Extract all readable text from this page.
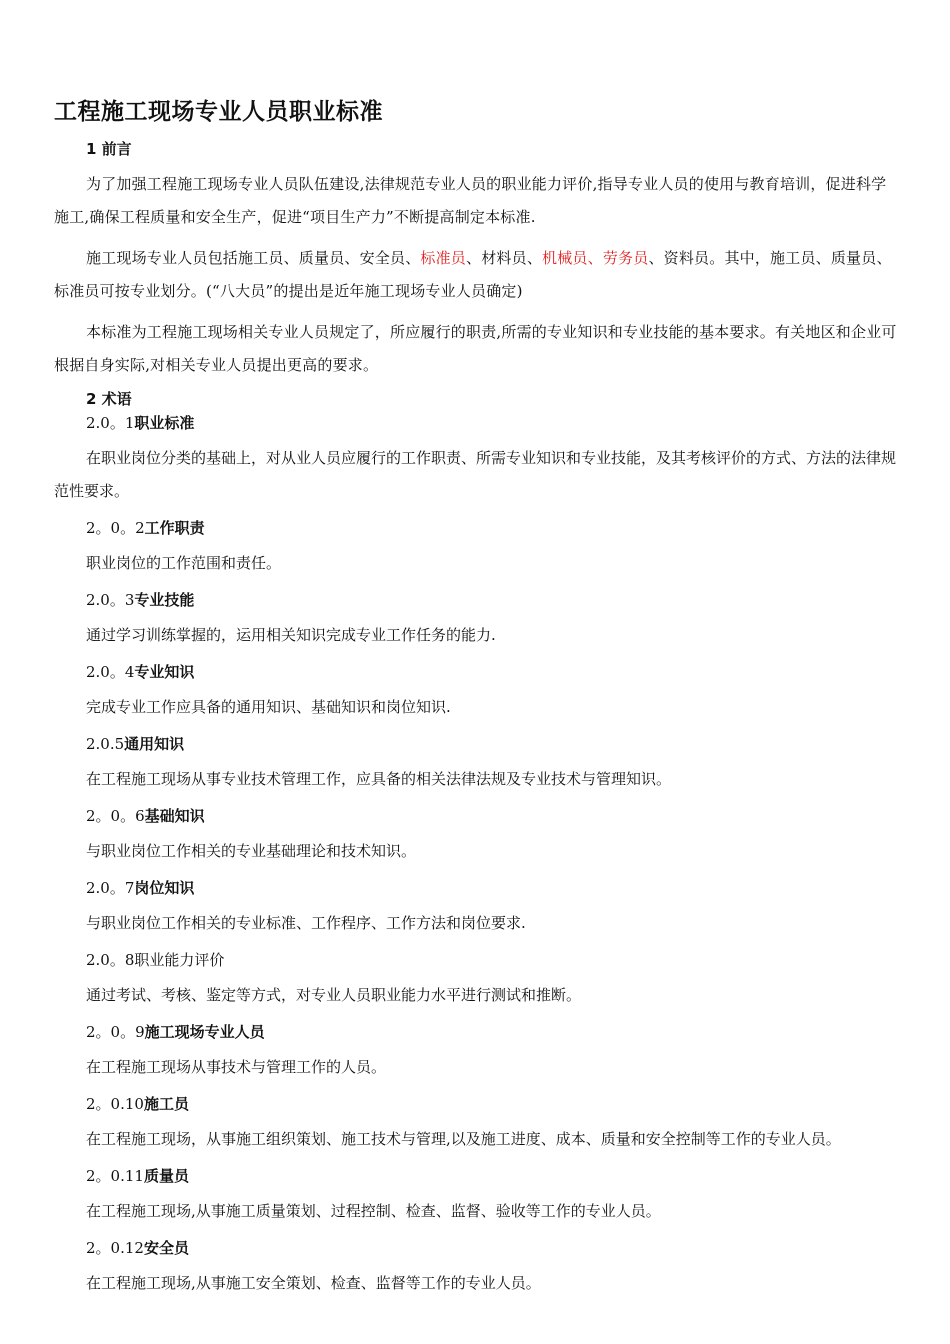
工程施工现场专业人员职业标准
1 前言

为了加强工程施工现场专业人员队伍建设,法律规范专业人员的职业能力评价,指导专业人员的使用与教育培训，促进科学施工,确保工程质量和安全生产，促进“项目生产力”不断提高制定本标准.

施工现场专业人员包括施工员、质量员、安全员、标准员、材料员、机械员、劳务员、资料员。其中，施工员、质量员、标准员可按专业划分。(“八大员”的提出是近年施工现场专业人员确定)

本标准为工程施工现场相关专业人员规定了，所应履行的职责,所需的专业知识和专业技能的基本要求。有关地区和企业可根据自身实际,对相关专业人员提出更高的要求。

2 术语
2.0。1职业标准

在职业岗位分类的基础上，对从业人员应履行的工作职责、所需专业知识和专业技能，及其考核评价的方式、方法的法律规范性要求。

2。0。2工作职责

职业岗位的工作范围和责任。

2.0。3专业技能

通过学习训练掌握的，运用相关知识完成专业工作任务的能力.

2.0。4专业知识

完成专业工作应具备的通用知识、基础知识和岗位知识.

2.0.5通用知识

在工程施工现场从事专业技术管理工作，应具备的相关法律法规及专业技术与管理知识。

2。0。6基础知识

与职业岗位工作相关的专业基础理论和技术知识。

2.0。7岗位知识

与职业岗位工作相关的专业标准、工作程序、工作方法和岗位要求.

2.0。8职业能力评价

通过考试、考核、鉴定等方式，对专业人员职业能力水平进行测试和推断。

2。0。9施工现场专业人员

在工程施工现场从事技术与管理工作的人员。

2。0.10施工员

在工程施工现场，从事施工组织策划、施工技术与管理,以及施工进度、成本、质量和安全控制等工作的专业人员。

2。0.11质量员

在工程施工现场,从事施工质量策划、过程控制、检查、监督、验收等工作的专业人员。

2。0.12安全员

在工程施工现场,从事施工安全策划、检查、监督等工作的专业人员。
